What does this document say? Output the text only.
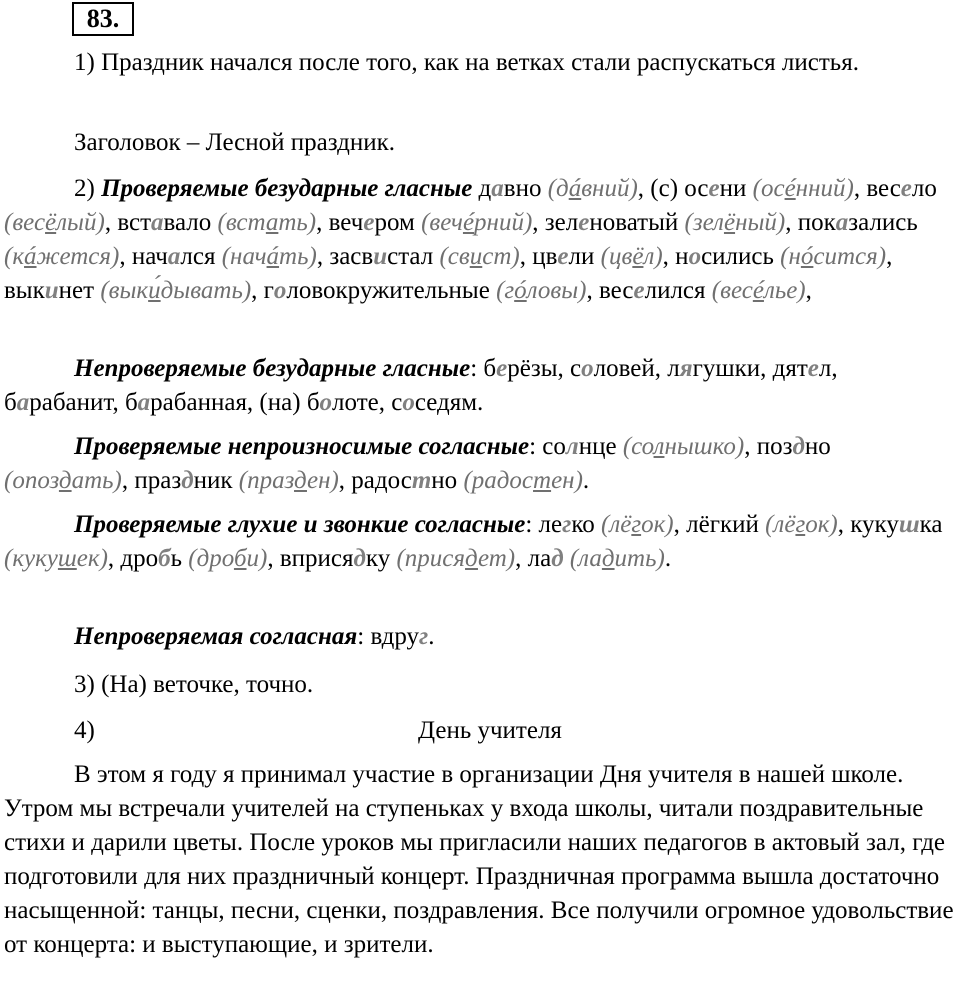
83.

1) Праздник начался после того, как на ветках стали распускаться листья.

Заголовок – Лесной праздник.

2) Проверяемые безударные гласные давно (дáвний), (с) осени (осéнний), весело (весёлый), вставало (встать), вечером (вечéрний), зеленоватый (зелёный), показались (кáжется), начался (начáть), засвистал (свист), цвели (цвёл), носились (нóсится), выкинет (выки́дывать), головокружительные (гóловы), веселился (весéлье),

Непроверяемые безударные гласные: берёзы, соловей, лягушки, дятел, барабанит, барабанная, (на) болоте, соседям.

Проверяемые непроизносимые согласные: солнце (солнышко), поздно (опоздать), праздник (празден), радостно (радостен).

Проверяемые глухие и звонкие согласные: легко (лёгок), лёгкий (лёгок), кукушка (кукушек), дробь (дроби), вприсядку (присядет), лад (ладить).

Непроверяемая согласная: вдруг.

3) (На) веточке, точно.

4)	День учителя

В этом я году я принимал участие в организации Дня учителя в нашей школе. Утром мы встречали учителей на ступеньках у входа школы, читали поздравительные стихи и дарили цветы. После уроков мы пригласили наших педагогов в актовый зал, где подготовили для них праздничный концерт. Праздничная программа вышла достаточно насыщенной: танцы, песни, сценки, поздравления. Все получили огромное удовольствие от концерта: и выступающие, и зрители.
